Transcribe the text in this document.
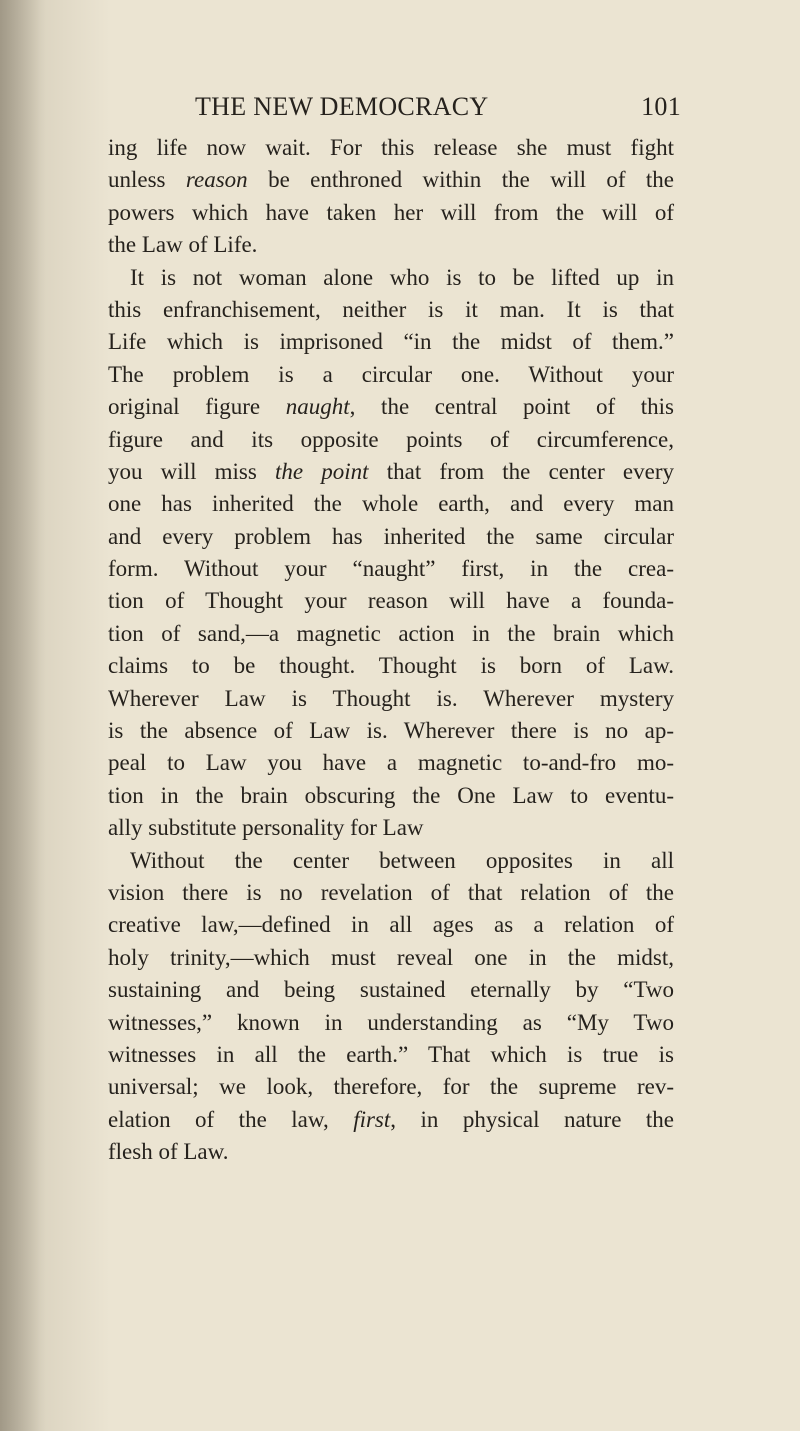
THE NEW DEMOCRACY	101
ing life now wait. For this release she must fight
unless reason be enthroned within the will of the
powers which have taken her will from the will of
the Law of Life.
It is not woman alone who is to be lifted up in
this enfranchisement, neither is it man. It is that
Life which is imprisoned “in the midst of them.”
The problem is a circular one. Without your
original figure naught, the central point of this
figure and its opposite points of circumference,
you will miss the point that from the center every
one has inherited the whole earth, and every man
and every problem has inherited the same circular
form. Without your “naught” first, in the crea-
tion of Thought your reason will have a founda-
tion of sand,—a magnetic action in the brain which
claims to be thought. Thought is born of Law.
Wherever Law is Thought is. Wherever mystery
is the absence of Law is. Wherever there is no ap-
peal to Law you have a magnetic to-and-fro mo-
tion in the brain obscuring the One Law to eventu-
ally substitute personality for Law
Without the center between opposites in all
vision there is no revelation of that relation of the
creative law,—defined in all ages as a relation of
holy trinity,—which must reveal one in the midst,
sustaining and being sustained eternally by “Two
witnesses,” known in understanding as “My Two
witnesses in all the earth.” That which is true is
universal; we look, therefore, for the supreme rev-
elation of the law, first, in physical nature the
flesh of Law.
